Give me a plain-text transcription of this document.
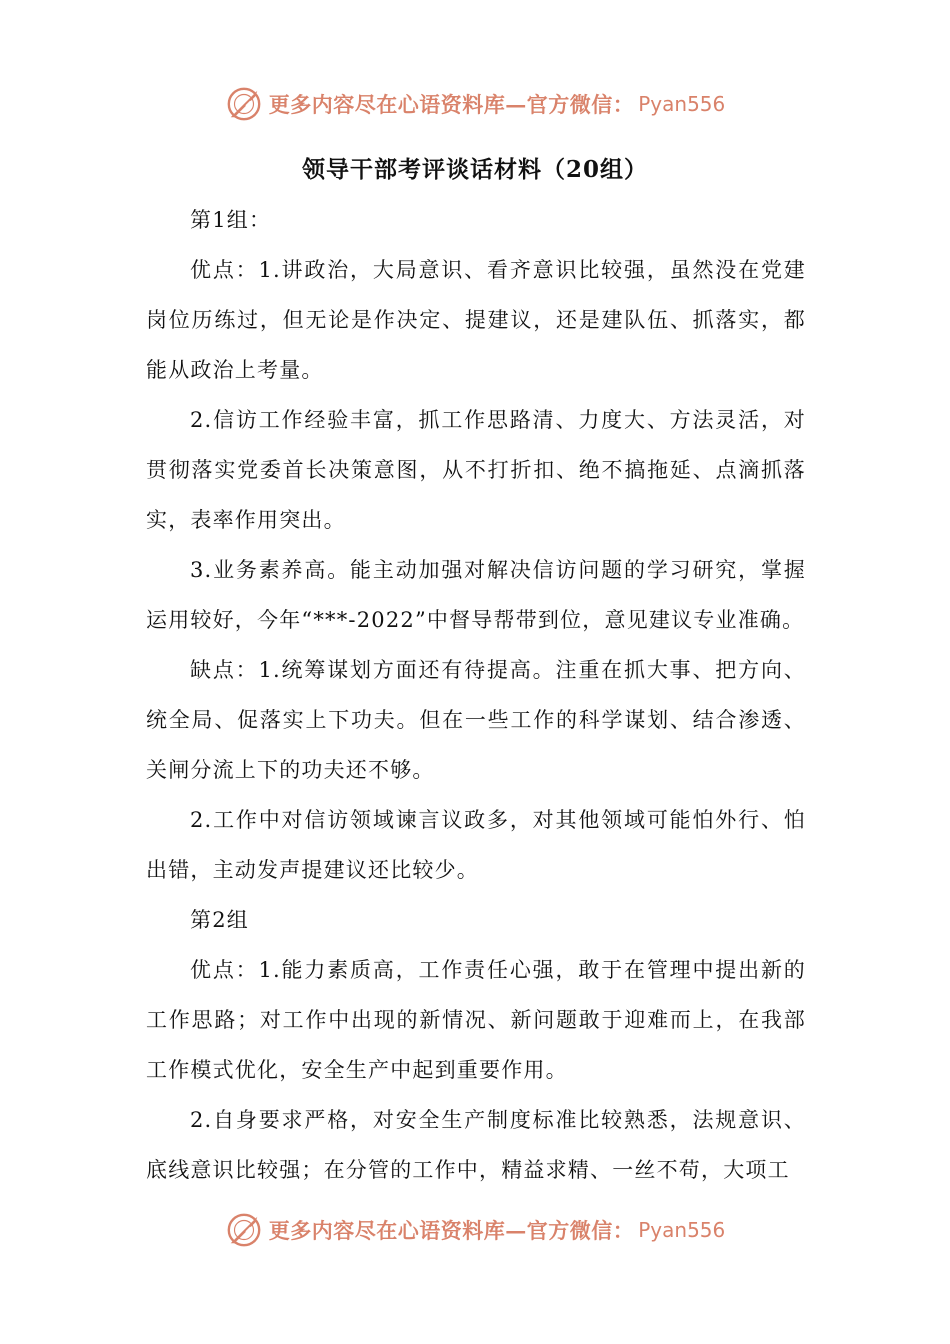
更多内容尽在心语资料库—官方微信： Pyan556
领导干部考评谈话材料（20组）

第1组：

优点：1.讲政治，大局意识、看齐意识比较强，虽然没在党建岗位历练过，但无论是作决定、提建议，还是建队伍、抓落实，都能从政治上考量。

2.信访工作经验丰富，抓工作思路清、力度大、方法灵活，对贯彻落实党委首长决策意图，从不打折扣、绝不搞拖延、点滴抓落实，表率作用突出。

3.业务素养高。能主动加强对解决信访问题的学习研究，掌握运用较好，今年“***-2022”中督导帮带到位，意见建议专业准确。

缺点：1.统筹谋划方面还有待提高。注重在抓大事、把方向、统全局、促落实上下功夫。但在一些工作的科学谋划、结合渗透、关闸分流上下的功夫还不够。

2.工作中对信访领域谏言议政多，对其他领域可能怕外行、怕出错，主动发声提建议还比较少。

第2组

优点：1.能力素质高，工作责任心强，敢于在管理中提出新的工作思路；对工作中出现的新情况、新问题敢于迎难而上，在我部工作模式优化，安全生产中起到重要作用。

2.自身要求严格，对安全生产制度标准比较熟悉，法规意识、底线意识比较强；在分管的工作中，精益求精、一丝不苟，大项工

更多内容尽在心语资料库—官方微信： Pyan556
